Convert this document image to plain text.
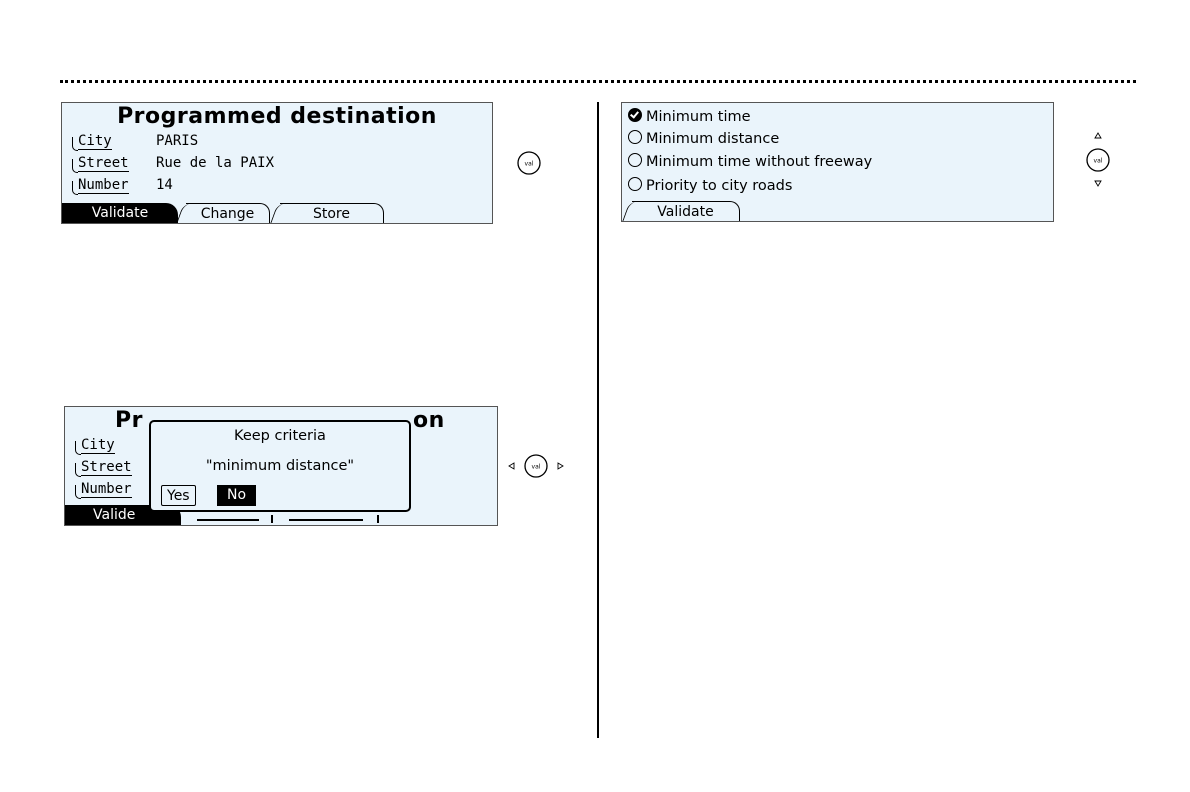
Programmed destination
City	PARIS
Street Rue de la PAIX
Number 14
Validate	Change	Store
val
Minimum time
Minimum distance
Minimum time without freeway
Priority to city roads
Validate
val
Pr	on
City
Street
Number
Valide
Keep criteria
"minimum distance"
Yes	No
val
